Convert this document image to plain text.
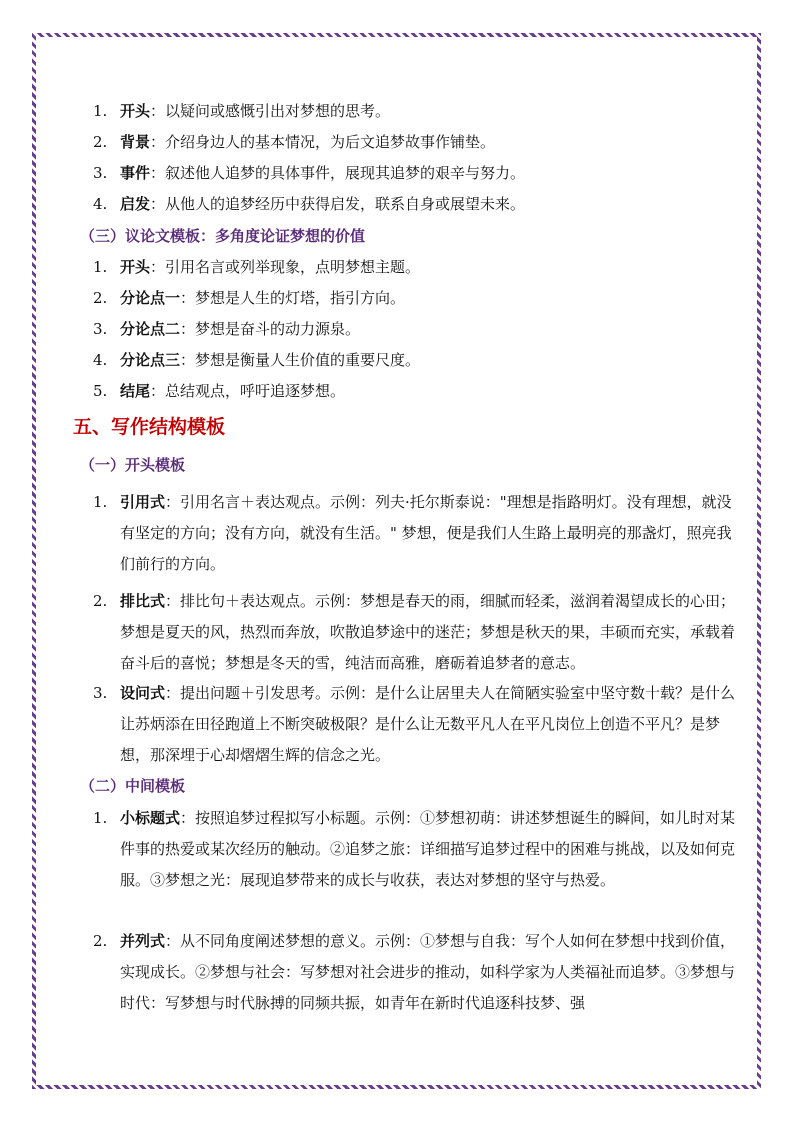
1. 开头：以疑问或感慨引出对梦想的思考。
2. 背景：介绍身边人的基本情况，为后文追梦故事作铺垫。
3. 事件：叙述他人追梦的具体事件，展现其追梦的艰辛与努力。
4. 启发：从他人的追梦经历中获得启发，联系自身或展望未来。
（三）议论文模板：多角度论证梦想的价值
1. 开头：引用名言或列举现象，点明梦想主题。
2. 分论点一：梦想是人生的灯塔，指引方向。
3. 分论点二：梦想是奋斗的动力源泉。
4. 分论点三：梦想是衡量人生价值的重要尺度。
5. 结尾：总结观点，呼吁追逐梦想。
五、写作结构模板
（一）开头模板
1. 引用式：引用名言＋表达观点。示例：列夫·托尔斯泰说："理想是指路明灯。没有理想，就没有坚定的方向；没有方向，就没有生活。" 梦想，便是我们人生路上最明亮的那盏灯，照亮我们前行的方向。
2. 排比式：排比句＋表达观点。示例：梦想是春天的雨，细腻而轻柔，滋润着渴望成长的心田；梦想是夏天的风，热烈而奔放，吹散追梦途中的迷茫；梦想是秋天的果，丰硕而充实，承载着奋斗后的喜悦；梦想是冬天的雪，纯洁而高雅，磨砺着追梦者的意志。
3. 设问式：提出问题＋引发思考。示例：是什么让居里夫人在简陋实验室中坚守数十载？是什么让苏炳添在田径跑道上不断突破极限？是什么让无数平凡人在平凡岗位上创造不平凡？是梦想，那深埋于心却熠熠生辉的信念之光。
（二）中间模板
1. 小标题式：按照追梦过程拟写小标题。示例：①梦想初萌：讲述梦想诞生的瞬间，如儿时对某件事的热爱或某次经历的触动。②追梦之旅：详细描写追梦过程中的困难与挑战，以及如何克服。③梦想之光：展现追梦带来的成长与收获，表达对梦想的坚守与热爱。
2. 并列式：从不同角度阐述梦想的意义。示例：①梦想与自我：写个人如何在梦想中找到价值，实现成长。②梦想与社会：写梦想对社会进步的推动，如科学家为人类福祉而追梦。③梦想与时代：写梦想与时代脉搏的同频共振，如青年在新时代追逐科技梦、强
